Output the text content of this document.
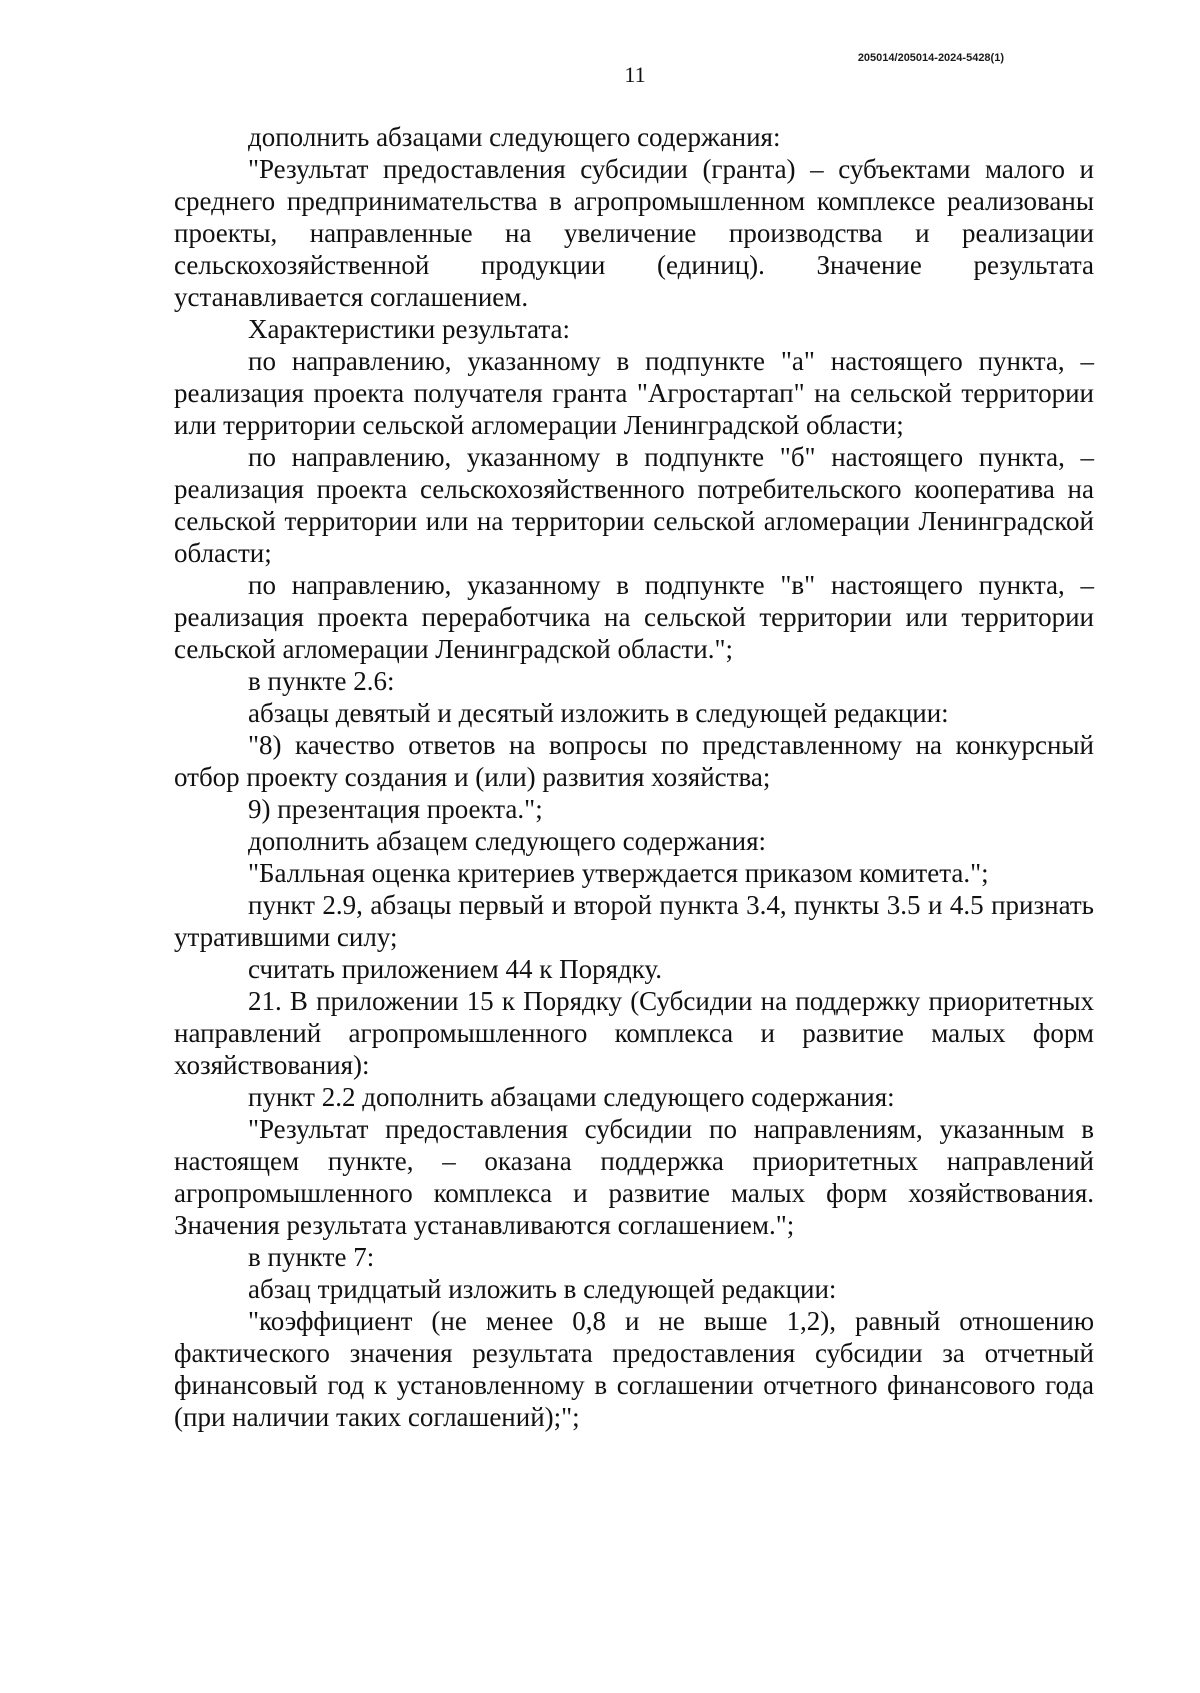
205014/205014-2024-5428(1)
11

дополнить абзацами следующего содержания:

"Результат предоставления субсидии (гранта) – субъектами малого и среднего предпринимательства в агропромышленном комплексе реализованы проекты, направленные на увеличение производства и реализации сельскохозяйственной продукции (единиц). Значение результата устанавливается соглашением.

Характеристики результата:

по направлению, указанному в подпункте "а" настоящего пункта, – реализация проекта получателя гранта "Агростартап" на сельской территории или территории сельской агломерации Ленинградской области;

по направлению, указанному в подпункте "б" настоящего пункта, – реализация проекта сельскохозяйственного потребительского кооператива на сельской территории или на территории сельской агломерации Ленинградской области;

по направлению, указанному в подпункте "в" настоящего пункта, – реализация проекта переработчика на сельской территории или территории сельской агломерации Ленинградской области.";

в пункте 2.6:

абзацы девятый и десятый изложить в следующей редакции:

"8) качество ответов на вопросы по представленному на конкурсный отбор проекту создания и (или) развития хозяйства;

9) презентация проекта.";

дополнить абзацем следующего содержания:

"Балльная оценка критериев утверждается приказом комитета.";

пункт 2.9, абзацы первый и второй пункта 3.4, пункты 3.5 и 4.5 признать утратившими силу;

считать приложением 44 к Порядку.

21. В приложении 15 к Порядку (Субсидии на поддержку приоритетных направлений агропромышленного комплекса и развитие малых форм хозяйствования):

пункт 2.2 дополнить абзацами следующего содержания:

"Результат предоставления субсидии по направлениям, указанным в настоящем пункте, – оказана поддержка приоритетных направлений агропромышленного комплекса и развитие малых форм хозяйствования. Значения результата устанавливаются соглашением.";

в пункте 7:

абзац тридцатый изложить в следующей редакции:

"коэффициент (не менее 0,8 и не выше 1,2), равный отношению фактического значения результата предоставления субсидии за отчетный финансовый год к установленному в соглашении отчетного финансового года (при наличии таких соглашений);";
